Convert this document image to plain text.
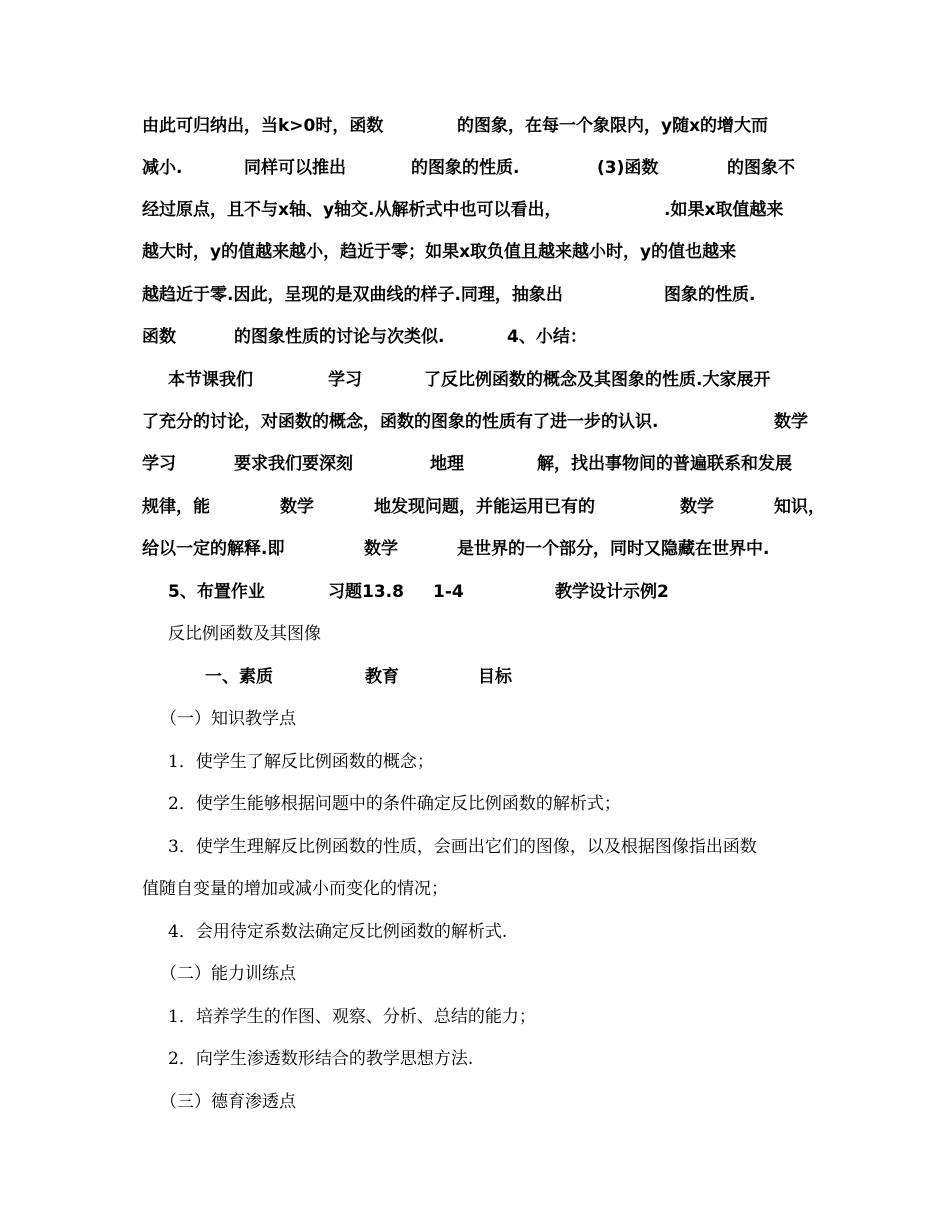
由此可归纳出，当k>0时，函数

	的图象，在每一个象限内，y随x的增大而

减小.

	同样可以推出

	的图象的性质.

	(3)函数

	的图象不

经过原点，且不与x轴、y轴交.从解析式中也可以看出，

	.如果x取值越来

越大时，y的值越来越小，趋近于零；如果x取负值且越来越小时，y的值也越来

越趋近于零.因此，呈现的是双曲线的样子.同理，抽象出

	图象的性质.

函数

	的图象性质的讨论与次类似.

	4、小结：

本节课我们

	学习

	了反比例函数的概念及其图象的性质.大家展开

了充分的讨论，对函数的概念，函数的图象的性质有了进一步的认识.

	数学

学习

	要求我们要深刻

	地理

	解，找出事物间的普遍联系和发展

规律，能

	数学

	地发现问题，并能运用已有的

	数学

	知识，

给以一定的解释.即

	数学

	是世界的一个部分，同时又隐藏在世界中.

5、布置作业

	习题13.8

1-4

	教学设计示例2

反比例函数及其图像

一、素质

	教育

	目标

（一）知识教学点

1．使学生了解反比例函数的概念；

2．使学生能够根据问题中的条件确定反比例函数的解析式；

3．使学生理解反比例函数的性质，会画出它们的图像，以及根据图像指出函数

值随自变量的增加或减小而变化的情况；

4．会用待定系数法确定反比例函数的解析式.

（二）能力训练点

1．培养学生的作图、观察、分析、总结的能力；

2．向学生渗透数形结合的教学思想方法.

（三）德育渗透点
